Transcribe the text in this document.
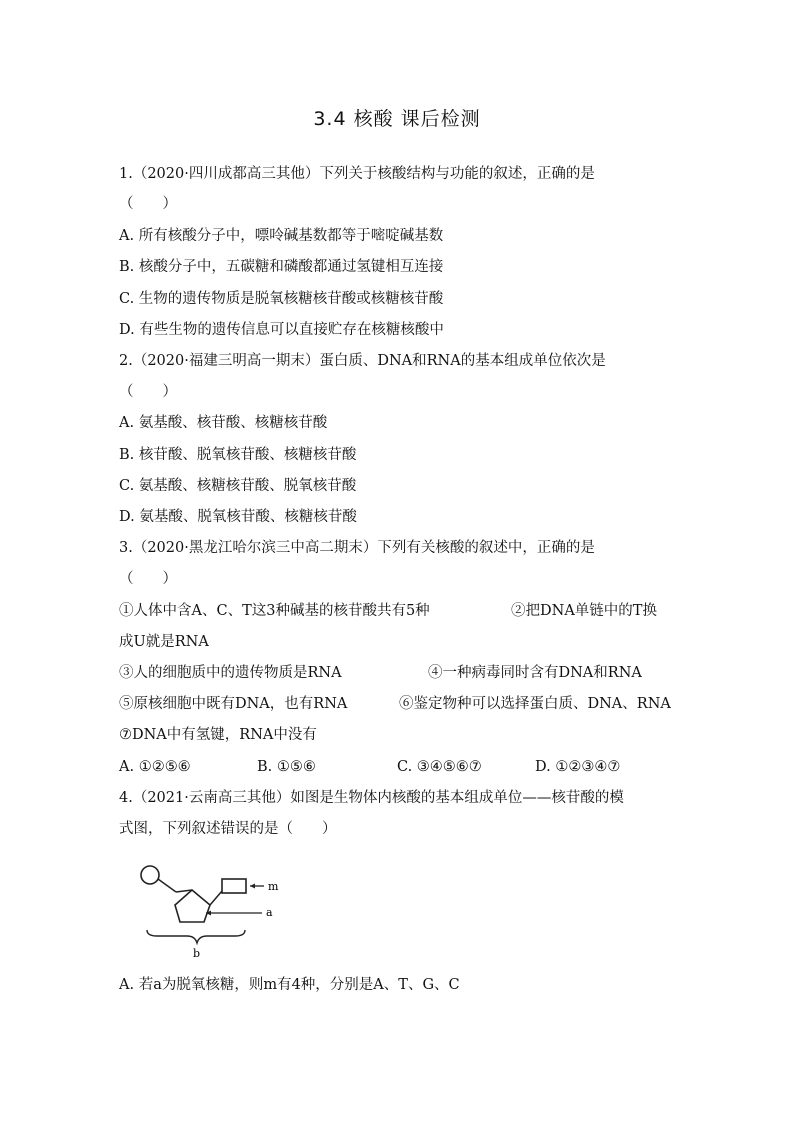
3.4 核酸 课后检测
1.（2020·四川成都高三其他）下列关于核酸结构与功能的叙述，正确的是
（　　）
A. 所有核酸分子中，嘌呤碱基数都等于嘧啶碱基数
B. 核酸分子中，五碳糖和磷酸都通过氢键相互连接
C. 生物的遗传物质是脱氧核糖核苷酸或核糖核苷酸
D. 有些生物的遗传信息可以直接贮存在核糖核酸中
2.（2020·福建三明高一期末）蛋白质、DNA和RNA的基本组成单位依次是
（　　）
A. 氨基酸、核苷酸、核糖核苷酸
B. 核苷酸、脱氧核苷酸、核糖核苷酸
C. 氨基酸、核糖核苷酸、脱氧核苷酸
D. 氨基酸、脱氧核苷酸、核糖核苷酸
3.（2020·黑龙江哈尔滨三中高二期末）下列有关核酸的叙述中，正确的是
（　　）
①人体中含A、C、T这3种碱基的核苷酸共有5种	②把DNA单链中的T换
成U就是RNA
③人的细胞质中的遗传物质是RNA	④一种病毒同时含有DNA和RNA
⑤原核细胞中既有DNA，也有RNA	⑥鉴定物种可以选择蛋白质、DNA、RNA
⑦DNA中有氢键，RNA中没有
A. ①②⑤⑥	B. ①⑤⑥	C. ③④⑤⑥⑦	D. ①②③④⑦
4.（2021·云南高三其他）如图是生物体内核酸的基本组成单位——核苷酸的模
式图，下列叙述错误的是（　　）
m
a
b
A. 若a为脱氧核糖，则m有4种，分别是A、T、G、C
